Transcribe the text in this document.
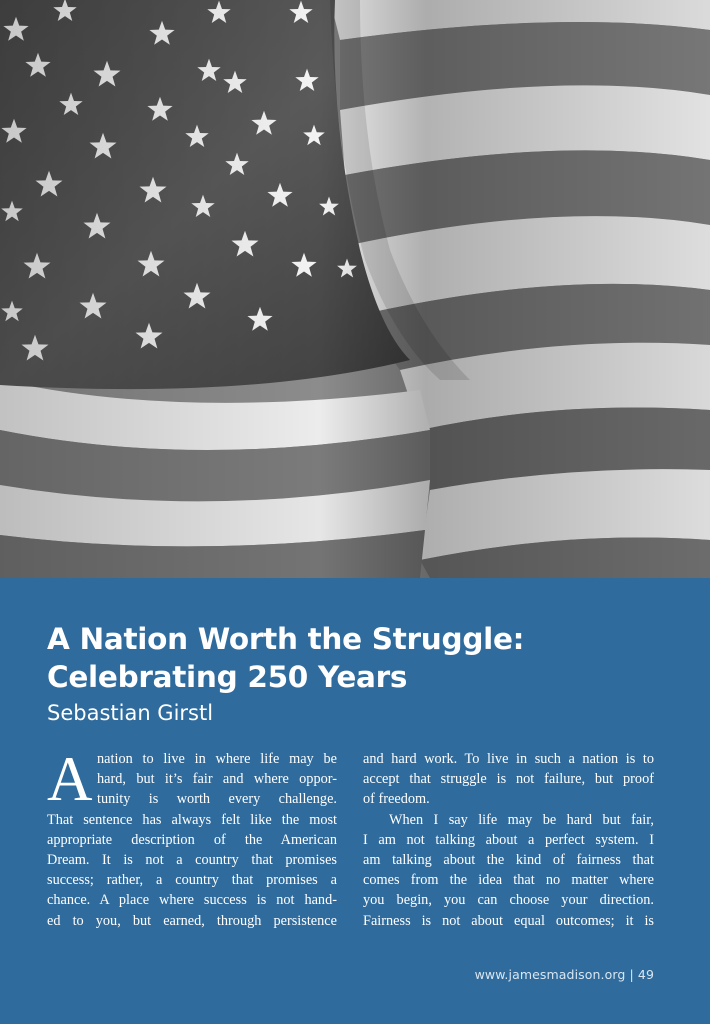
A Nation Worth the Struggle:
Celebrating 250 Years
Sebastian Girstl
A nation to live in where life may be
hard, but it’s fair and where oppor-
tunity is worth every challenge.
That sentence has always felt like the most
appropriate description of the American
Dream. It is not a country that promises
success; rather, a country that promises a
chance. A place where success is not hand-
ed to you, but earned, through persistence
and hard work. To live in such a nation is to
accept that struggle is not failure, but proof
of freedom.
When I say life may be hard but fair,
I am not talking about a perfect system. I
am talking about the kind of fairness that
comes from the idea that no matter where
you begin, you can choose your direction.
Fairness is not about equal outcomes; it is
www.jamesmadison.org | 49
